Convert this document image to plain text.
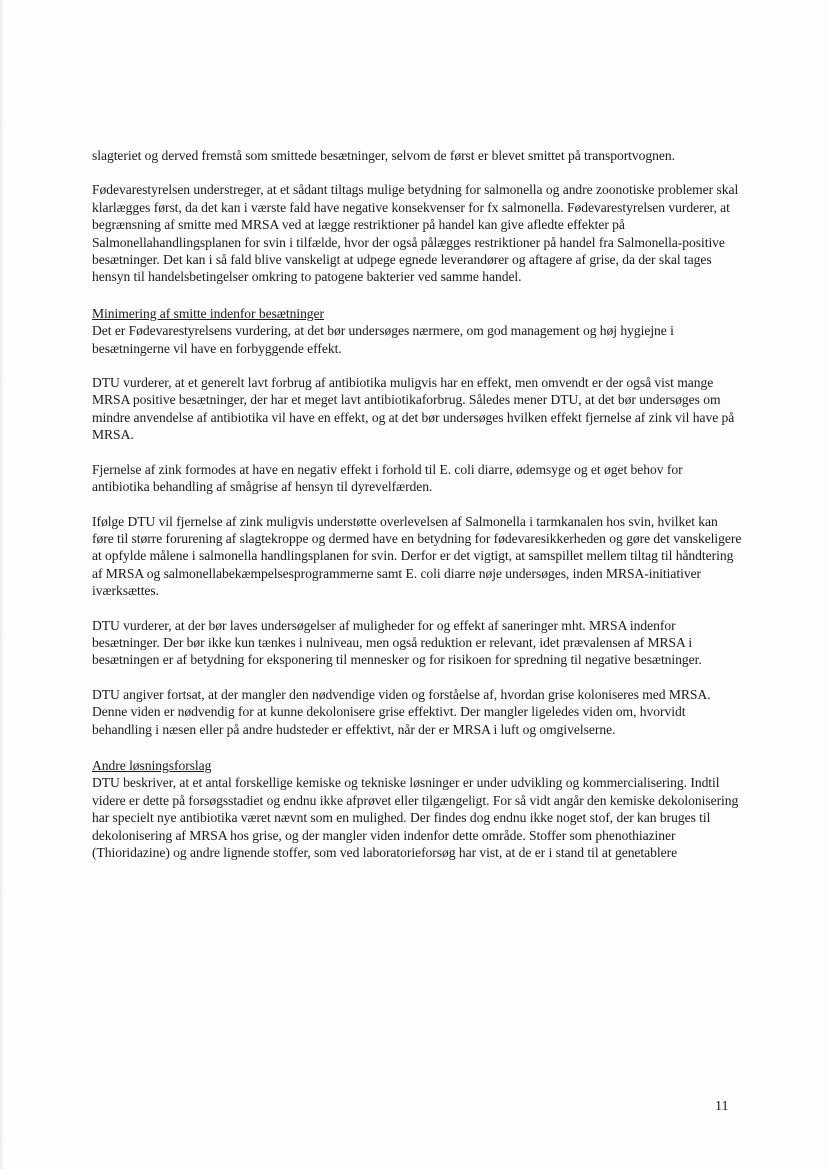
slagteriet og derved fremstå som smittede besætninger, selvom de først er blevet smittet på transportvognen.

Fødevarestyrelsen understreger, at et sådant tiltags mulige betydning for salmonella og andre zoonotiske problemer skal klarlægges først, da det kan i værste fald have negative konsekvenser for fx salmonella. Fødevarestyrelsen vurderer, at begrænsning af smitte med MRSA ved at lægge restriktioner på handel kan give afledte effekter på Salmonellahandlingsplanen for svin i tilfælde, hvor der også pålægges restriktioner på handel fra Salmonella-positive besætninger. Det kan i så fald blive vanskeligt at udpege egnede leverandører og aftagere af grise, da der skal tages hensyn til handelsbetingelser omkring to patogene bakterier ved samme handel.

Minimering af smitte indenfor besætninger

Det er Fødevarestyrelsens vurdering, at det bør undersøges nærmere, om god management og høj hygiejne i besætningerne vil have en forbyggende effekt.

DTU vurderer, at et generelt lavt forbrug af antibiotika muligvis har en effekt, men omvendt er der også vist mange MRSA positive besætninger, der har et meget lavt antibiotikaforbrug. Således mener DTU, at det bør undersøges om mindre anvendelse af antibiotika vil have en effekt, og at det bør undersøges hvilken effekt fjernelse af zink vil have på MRSA.

Fjernelse af zink formodes at have en negativ effekt i forhold til E. coli diarre, ødemsyge og et øget behov for antibiotika behandling af smågrise af hensyn til dyrevelfærden.

Ifølge DTU vil fjernelse af zink muligvis understøtte overlevelsen af Salmonella i tarmkanalen hos svin, hvilket kan føre til større forurening af slagtekroppe og dermed have en betydning for fødevaresikkerheden og gøre det vanskeligere at opfylde målene i salmonella handlingsplanen for svin. Derfor er det vigtigt, at samspillet mellem tiltag til håndtering af MRSA og salmonellabekæmpelsesprogrammerne samt E. coli diarre nøje undersøges, inden MRSA-initiativer iværksættes.

DTU vurderer, at der bør laves undersøgelser af muligheder for og effekt af saneringer mht. MRSA indenfor besætninger. Der bør ikke kun tænkes i nulniveau, men også reduktion er relevant, idet prævalensen af MRSA i besætningen er af betydning for eksponering til mennesker og for risikoen for spredning til negative besætninger.

DTU angiver fortsat, at der mangler den nødvendige viden og forståelse af, hvordan grise koloniseres med MRSA. Denne viden er nødvendig for at kunne dekolonisere grise effektivt. Der mangler ligeledes viden om, hvorvidt behandling i næsen eller på andre hudsteder er effektivt, når der er MRSA i luft og omgivelserne.

Andre løsningsforslag

DTU beskriver, at et antal forskellige kemiske og tekniske løsninger er under udvikling og kommercialisering. Indtil videre er dette på forsøgsstadiet og endnu ikke afprøvet eller tilgængeligt. For så vidt angår den kemiske dekolonisering har specielt nye antibiotika været nævnt som en mulighed. Der findes dog endnu ikke noget stof, der kan bruges til dekolonisering af MRSA hos grise, og der mangler viden indenfor dette område. Stoffer som phenothiaziner (Thioridazine) og andre lignende stoffer, som ved laboratorieforsøg har vist, at de er i stand til at genetablere

11
